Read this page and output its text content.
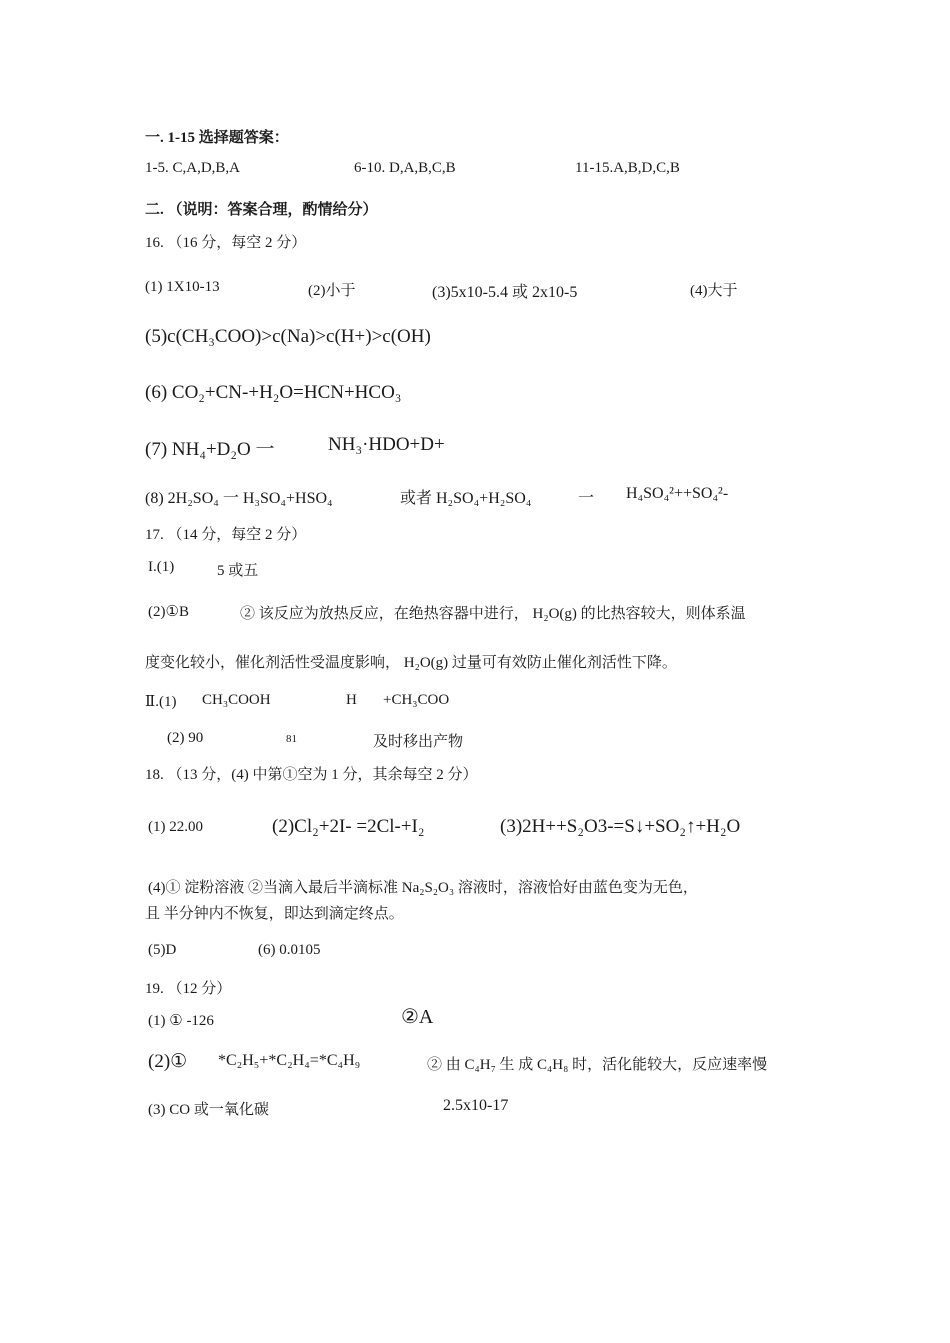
一. 1-15 选择题答案：
1-5. C,A,D,B,A	6-10. D,A,B,C,B	11-15.A,B,D,C,B
二. （说明：答案合理，酌情给分）
16. （16 分，每空 2 分）
(1) 1X10-13	(2)小于	(3)5x10-5.4 或 2x10-5	(4)大于
(5)c(CH₃COO)>c(Na)>c(H+)>c(OH)
(6) CO₂+CN-+H₂O=HCN+HCO₃
(7) NH₄+D₂O 一	NH₃·HDO+D+
(8) 2H₂SO₄ 一 H₃SO₄+HSO₄	或者 H₂SO₄+H₂SO₄	一 H₄SO₄²++SO₄²-
17. （14 分，每空 2 分）
I.(1)	5 或五
(2)①B	② 该反应为放热反应，在绝热容器中进行， H₂O(g) 的比热容较大，则体系温
度变化较小，催化剂活性受温度影响， H₂O(g) 过量可有效防止催化剂活性下降。
Ⅱ.(1) CH₃COOH	H +CH₃COO
(2) 90	81	及时移出产物
18. （13 分，(4) 中第①空为 1 分，其余每空 2 分）
(1) 22.00	(2)Cl₂+2I- =2Cl-+I₂	(3)2H++S₂O3-=S↓+SO₂↑+H₂O
(4)① 淀粉溶液 ②当滴入最后半滴标准 Na₂S₂O₃ 溶液时，溶液恰好由蓝色变为无色，
且 半分钟内不恢复，即达到滴定终点。
(5)D	(6) 0.0105
19. （12 分）
(1) ① -126	②A
(2)① *C₂H₅+*C₂H₄=*C₄H₉	② 由 C₄H₇ 生 成 C₄H₈ 时，活化能较大，反应速率慢
(3) CO 或一氧化碳	2.5x10-17
